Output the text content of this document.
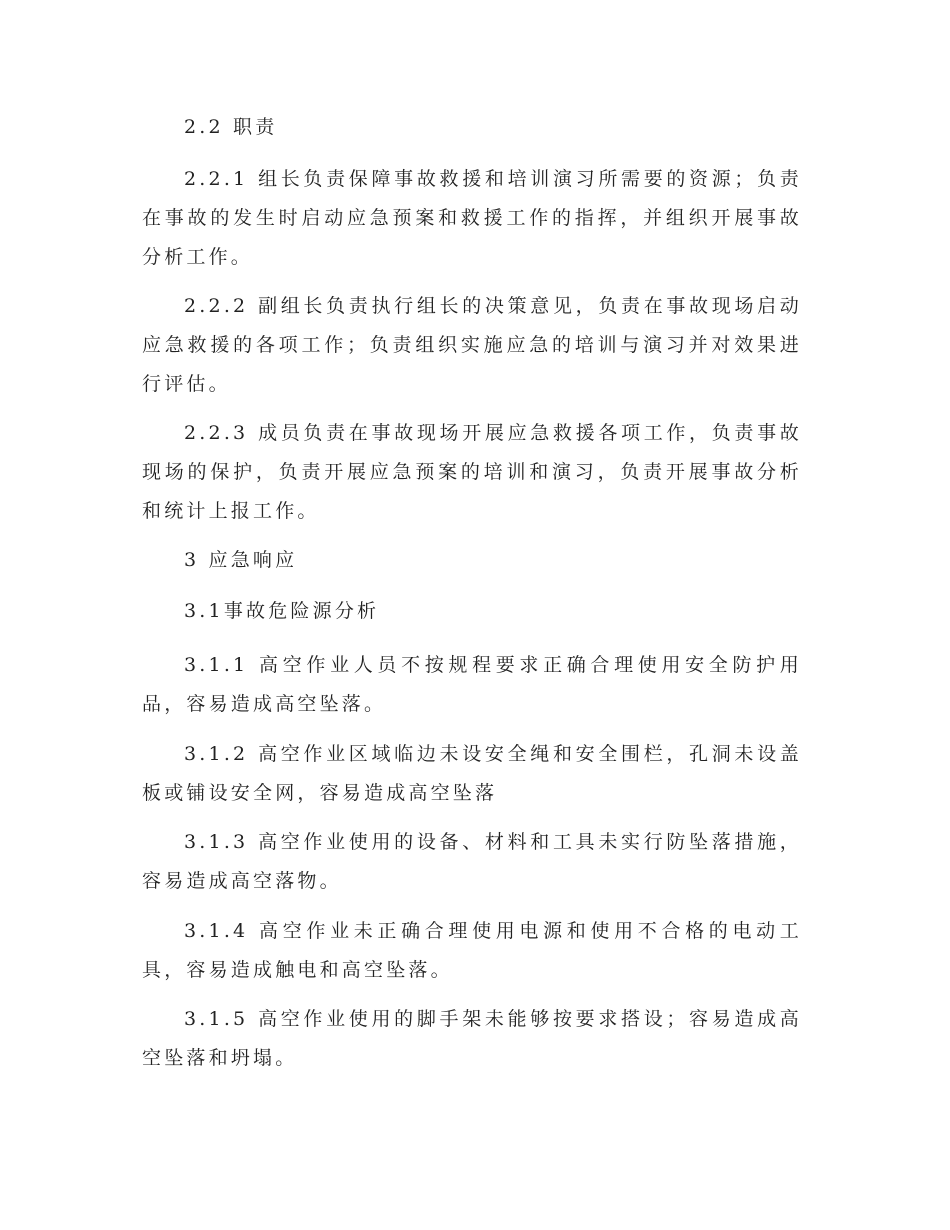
2.2 职责
2.2.1 组长负责保障事故救援和培训演习所需要的资源；负责在事故的发生时启动应急预案和救援工作的指挥，并组织开展事故分析工作。
2.2.2 副组长负责执行组长的决策意见，负责在事故现场启动应急救援的各项工作；负责组织实施应急的培训与演习并对效果进行评估。
2.2.3 成员负责在事故现场开展应急救援各项工作，负责事故现场的保护，负责开展应急预案的培训和演习，负责开展事故分析和统计上报工作。
3 应急响应
3.1事故危险源分析
3.1.1 高空作业人员不按规程要求正确合理使用安全防护用品，容易造成高空坠落。
3.1.2 高空作业区域临边未设安全绳和安全围栏，孔洞未设盖板或铺设安全网，容易造成高空坠落
3.1.3 高空作业使用的设备、材料和工具未实行防坠落措施，容易造成高空落物。
3.1.4 高空作业未正确合理使用电源和使用不合格的电动工具，容易造成触电和高空坠落。
3.1.5 高空作业使用的脚手架未能够按要求搭设；容易造成高空坠落和坍塌。
